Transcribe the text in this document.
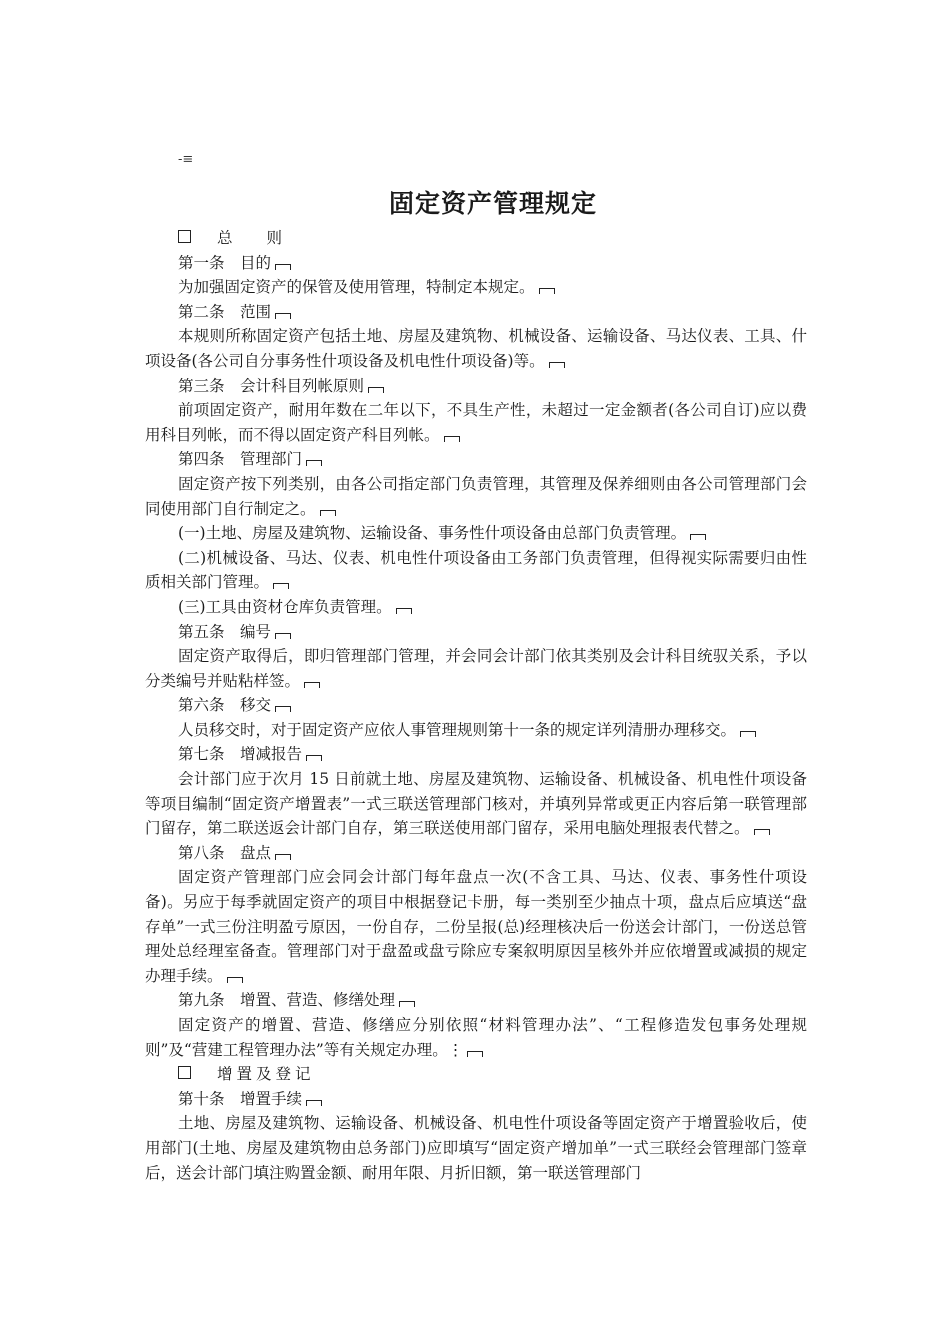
-≡
固定资产管理规定

总 则

第一条　目的

为加强固定资产的保管及使用管理，特制定本规定。

第二条　范围

本规则所称固定资产包括土地、房屋及建筑物、机械设备、运输设备、马达仪表、工具、什项设备(各公司自分事务性什项设备及机电性什项设备)等。

第三条　会计科目列帐原则

前项固定资产，耐用年数在二年以下，不具生产性，未超过一定金额者(各公司自订)应以费用科目列帐，而不得以固定资产科目列帐。

第四条　管理部门

固定资产按下列类别，由各公司指定部门负责管理，其管理及保养细则由各公司管理部门会同使用部门自行制定之。

(一)土地、房屋及建筑物、运输设备、事务性什项设备由总部门负责管理。

(二)机械设备、马达、仪表、机电性什项设备由工务部门负责管理，但得视实际需要归由性质相关部门管理。

(三)工具由资材仓库负责管理。

第五条　编号

固定资产取得后，即归管理部门管理，并会同会计部门依其类别及会计科目统驭关系，予以分类编号并贴粘样签。

第六条　移交

人员移交时，对于固定资产应依人事管理规则第十一条的规定详列清册办理移交。

第七条　增减报告

会计部门应于次月 15 日前就土地、房屋及建筑物、运输设备、机械设备、机电性什项设备等项目编制“固定资产增置表”一式三联送管理部门核对，并填列异常或更正内容后第一联管理部门留存，第二联送返会计部门自存，第三联送使用部门留存，采用电脑处理报表代替之。

第八条　盘点

固定资产管理部门应会同会计部门每年盘点一次(不含工具、马达、仪表、事务性什项设备)。另应于每季就固定资产的项目中根据登记卡册，每一类别至少抽点十项，盘点后应填送“盘存单”一式三份注明盈亏原因，一份自存，二份呈报(总)经理核决后一份送会计部门，一份送总管理处总经理室备查。管理部门对于盘盈或盘亏除应专案叙明原因呈核外并应依增置或减损的规定办理手续。

第九条　增置、营造、修缮处理

固定资产的增置、营造、修缮应分别依照“材料管理办法”、“工程修造发包事务处理规则”及“营建工程管理办法”等有关规定办理。⋮

增置及登记

第十条　增置手续

土地、房屋及建筑物、运输设备、机械设备、机电性什项设备等固定资产于增置验收后，使用部门(土地、房屋及建筑物由总务部门)应即填写“固定资产增加单”一式三联经会管理部门签章后，送会计部门填注购置金额、耐用年限、月折旧额，第一联送管理部门
